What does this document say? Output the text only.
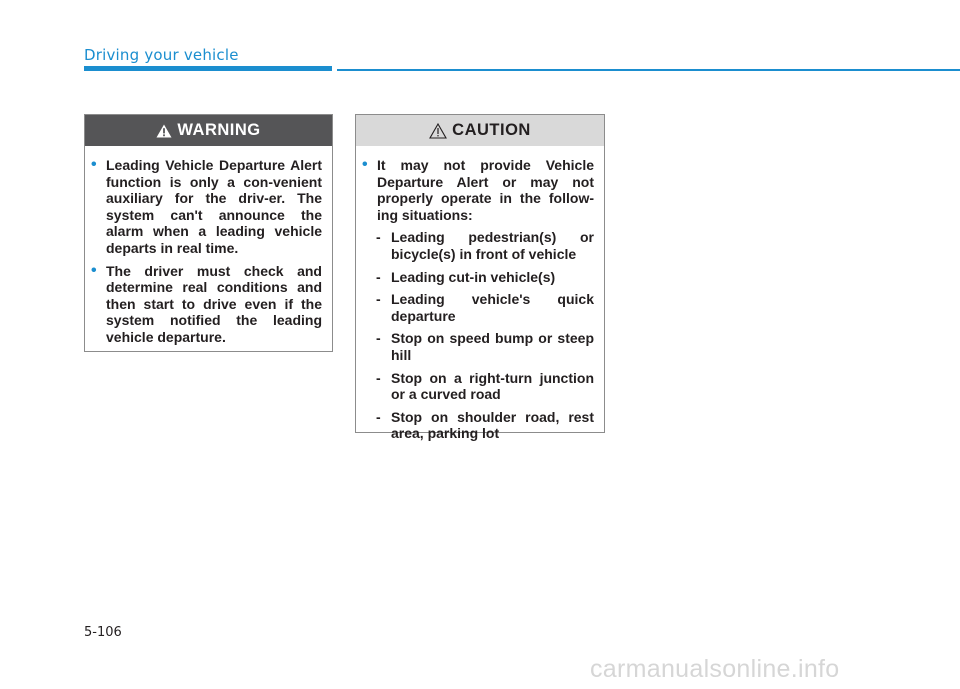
Driving your vehicle
WARNING
• Leading Vehicle Departure Alert function is only a con-venient auxiliary for the driv-er. The system can't announce the alarm when a leading vehicle departs in real time.
• The driver must check and determine real conditions and then start to drive even if the system notified the leading vehicle departure.
CAUTION
• It may not provide Vehicle Departure Alert or may not properly operate in the follow-ing situations:
- Leading pedestrian(s) or bicycle(s) in front of vehicle
- Leading cut-in vehicle(s)
- Leading vehicle's quick departure
- Stop on speed bump or steep hill
- Stop on a right-turn junction or a curved road
- Stop on shoulder road, rest area, parking lot
5-106
carmanualsonline.info
